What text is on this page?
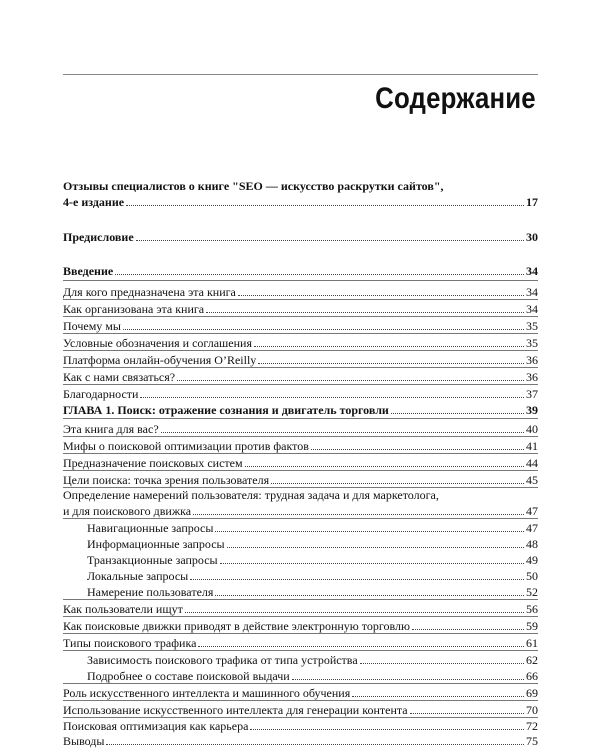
Содержание
Отзывы специалистов о книге "SEO — искусство раскрутки сайтов",
4-е издание	17
Предисловие	30
Введение	34
Для кого предназначена эта книга	34
Как организована эта книга	34
Почему мы	35
Условные обозначения и соглашения	35
Платформа онлайн-обучения O’Reilly	36
Как с нами связаться?	36
Благодарности	37
ГЛАВА 1. Поиск: отражение сознания и двигатель торговли	39
Эта книга для вас?	40
Мифы о поисковой оптимизации против фактов	41
Предназначение поисковых систем	44
Цели поиска: точка зрения пользователя	45
Определение намерений пользователя: трудная задача и для маркетолога,
и для поискового движка	47
Навигационные запросы	47
Информационные запросы	48
Транзакционные запросы	49
Локальные запросы	50
Намерение пользователя	52
Как пользователи ищут	56
Как поисковые движки приводят в действие электронную торговлю	59
Типы поискового трафика	61
Зависимость поискового трафика от типа устройства	62
Подробнее о составе поисковой выдачи	66
Роль искусственного интеллекта и машинного обучения	69
Использование искусственного интеллекта для генерации контента	70
Поисковая оптимизация как карьера	72
Выводы	75
